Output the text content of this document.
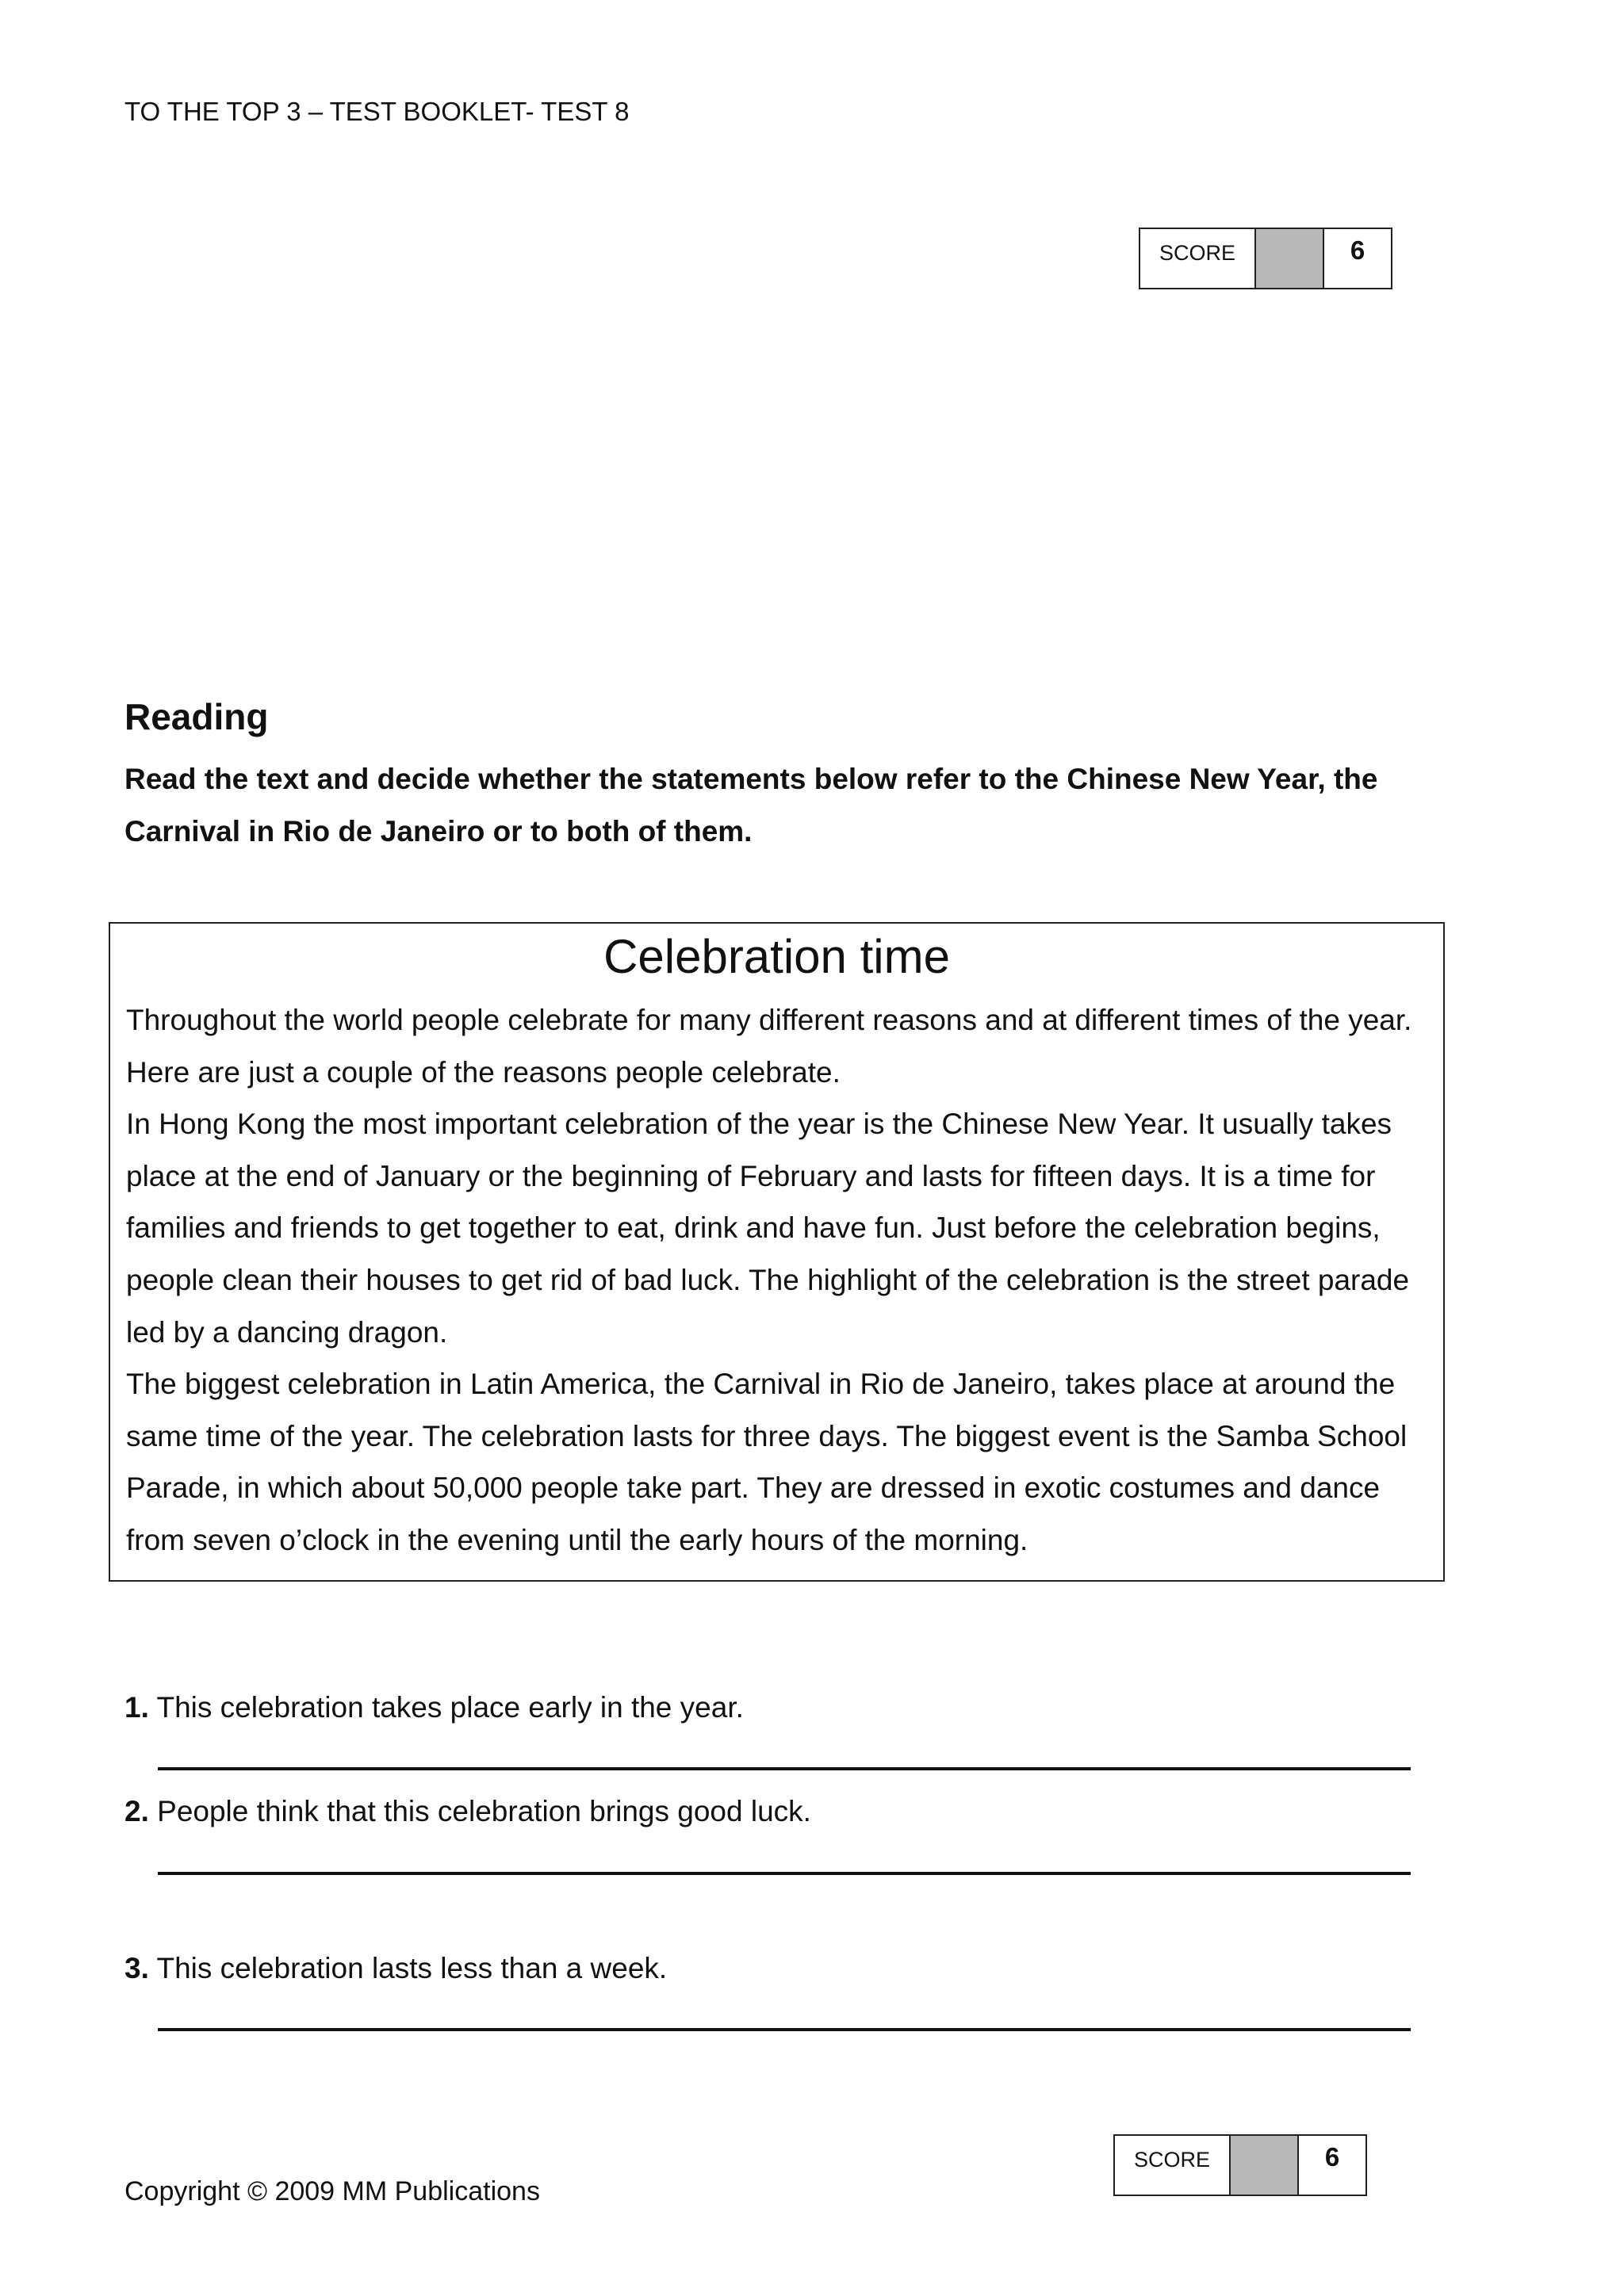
TO THE TOP 3 – TEST BOOKLET- TEST 8
SCORE	6
Reading
Read the text and decide whether the statements below refer to the Chinese New Year, the Carnival in Rio de Janeiro or to both of them.
Celebration time

Throughout the world people celebrate for many different reasons and at different times of the year. Here are just a couple of the reasons people celebrate.

In Hong Kong the most important celebration of the year is the Chinese New Year. It usually takes place at the end of January or the beginning of February and lasts for fifteen days. It is a time for families and friends to get together to eat, drink and have fun. Just before the celebration begins, people clean their houses to get rid of bad luck. The highlight of the celebration is the street parade led by a dancing dragon.

The biggest celebration in Latin America, the Carnival in Rio de Janeiro, takes place at around the same time of the year. The celebration lasts for three days. The biggest event is the Samba School Parade, in which about 50,000 people take part. They are dressed in exotic costumes and dance from seven o’clock in the evening until the early hours of the morning.

1. This celebration takes place early in the year.
2. People think that this celebration brings good luck.
3. This celebration lasts less than a week.
SCORE	6
Copyright © 2009 MM Publications
